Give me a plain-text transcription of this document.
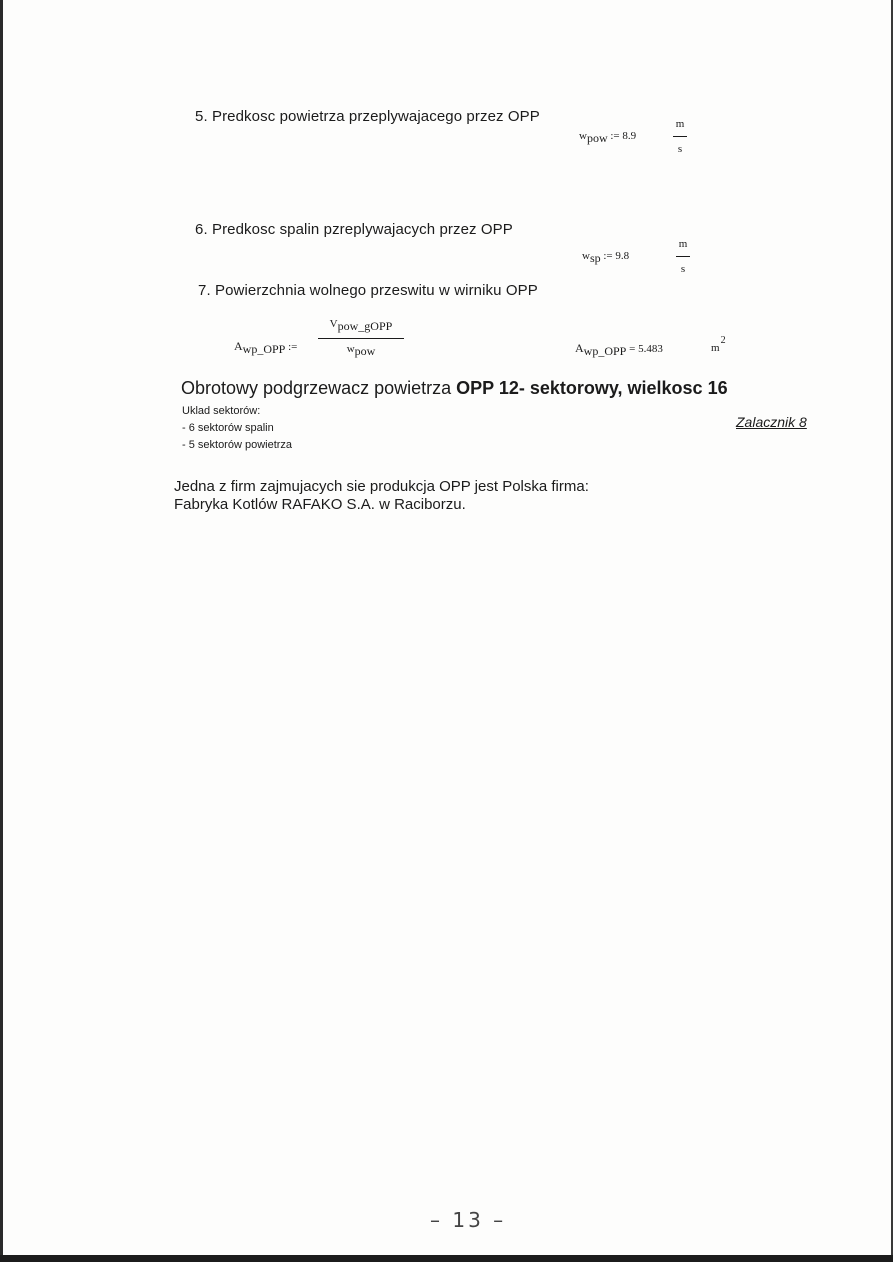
5. Predkosc powietrza przeplywajacego przez OPP
$w_{pow}$ := 8.9
m
s
6. Predkosc spalin pzreplywajacych przez OPP
$w_{sp}$ := 9.8
m
s
7. Powierzchnia wolnego przeswitu w wirniku OPP
$A_{wp\_OPP}$ :=
$V_{pow\_gOPP}$
$w_{pow}$	$A_{wp\_OPP} = 5.483$	m2
Obrotowy podgrzewacz powietrza OPP 12- sektorowy, wielkosc 16
Uklad sektorów:
- 6 sektorów spalin
- 5 sektorów powietrza
Zalacznik 8
Jedna z firm zajmujacych sie produkcja OPP jest Polska firma:
Fabryka Kotlów RAFAKO S.A. w Raciborzu.
– 13 –
